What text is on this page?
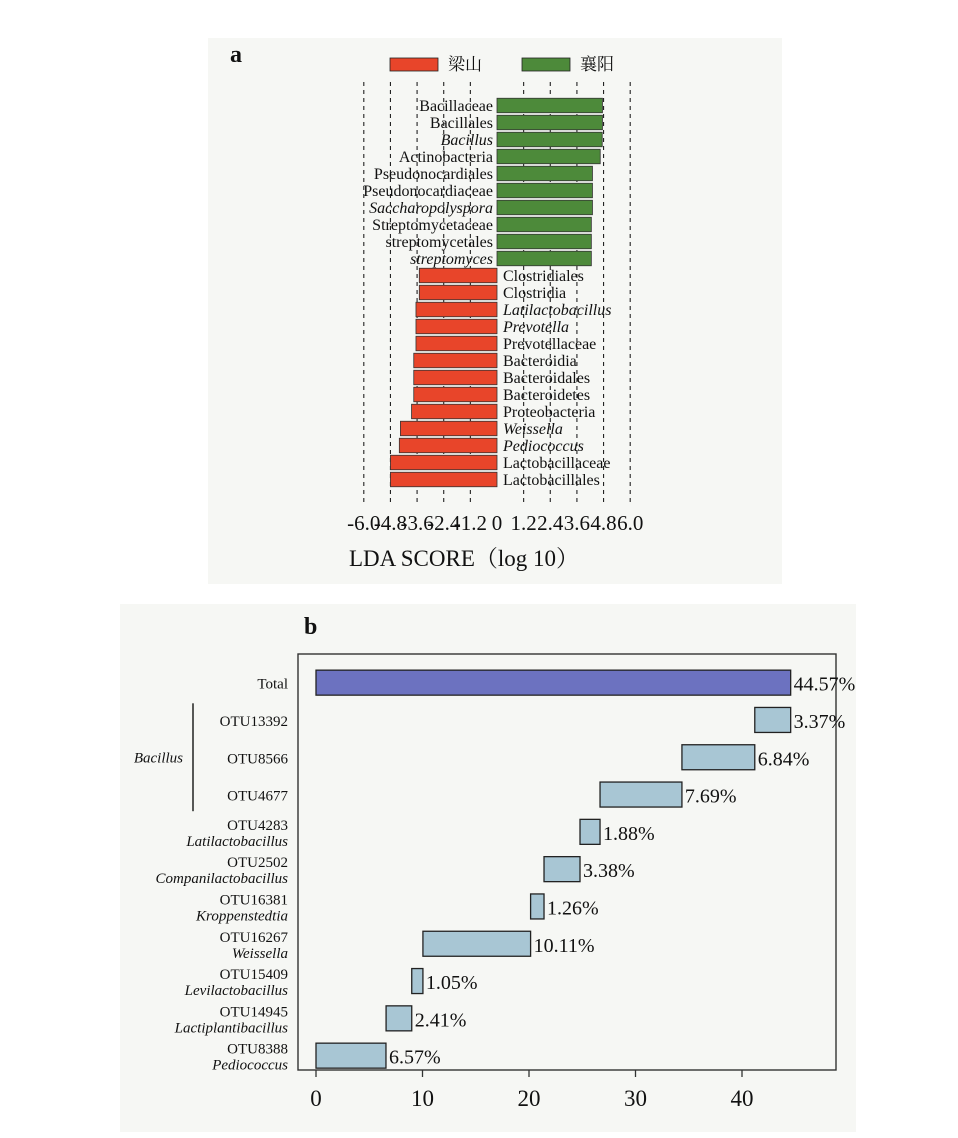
a	梁山	襄阳
Bacillaceae
Bacillales
Bacillus
Actinobacteria
Pseudonocardiales
Pseudonocardiaceae
Saccharopolyspora
Streptomycetaceae
streptomycetales
streptomyces
Clostridiales
Clostridia
Latilactobacillus
Prevotella
Prevotellaceae
Bacteroidia
Bacteroidales
Bacteroidetes
Proteobacteria
Weissella
Pediococcus
Lactobacillaceae
Lactobacillales
-6.0
-4.8
-3.6
-2.4
-1.2 0 1.2 2.4 3.6 4.8 6.0
LDA SCORE（log 10）
b
44.57%
Total
3.37%
OTU13392
6.84%
OTU8566
7.69%
OTU4677
1.88%
OTU4283
Latilactobacillus
3.38%
OTU2502
Companilactobacillus
1.26%
OTU16381
Kroppenstedtia
10.11%
OTU16267
Weissella
1.05%
OTU15409
Levilactobacillus
2.41%
OTU14945
Lactiplantibacillus
6.57%
OTU8388
Pediococcus
Bacillus
0	10	20	30	40
